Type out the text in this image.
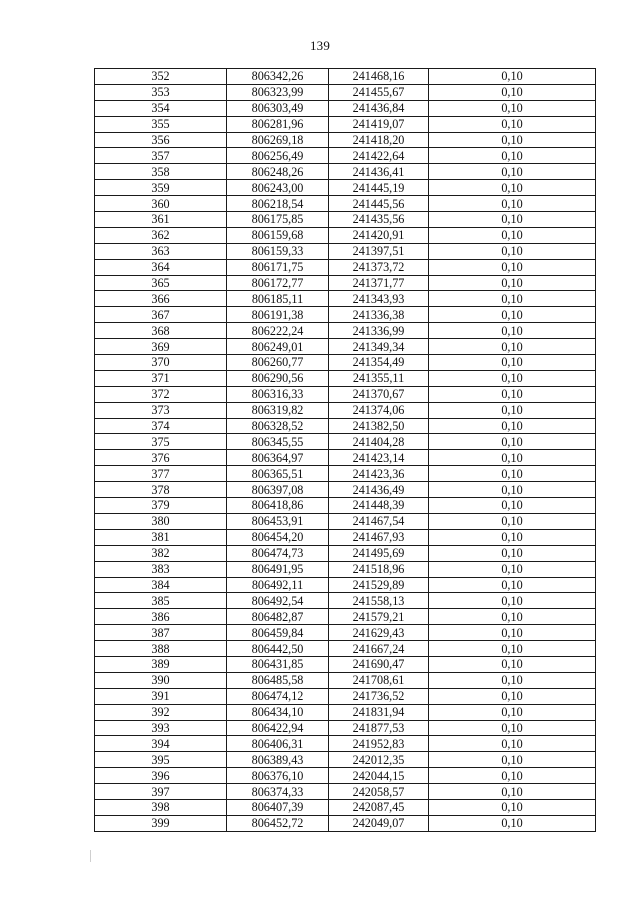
139
352	806342,26	241468,16	0,10
353	806323,99	241455,67	0,10
354	806303,49	241436,84	0,10
355	806281,96	241419,07	0,10
356	806269,18	241418,20	0,10
357	806256,49	241422,64	0,10
358	806248,26	241436,41	0,10
359	806243,00	241445,19	0,10
360	806218,54	241445,56	0,10
361	806175,85	241435,56	0,10
362	806159,68	241420,91	0,10
363	806159,33	241397,51	0,10
364	806171,75	241373,72	0,10
365	806172,77	241371,77	0,10
366	806185,11	241343,93	0,10
367	806191,38	241336,38	0,10
368	806222,24	241336,99	0,10
369	806249,01	241349,34	0,10
370	806260,77	241354,49	0,10
371	806290,56	241355,11	0,10
372	806316,33	241370,67	0,10
373	806319,82	241374,06	0,10
374	806328,52	241382,50	0,10
375	806345,55	241404,28	0,10
376	806364,97	241423,14	0,10
377	806365,51	241423,36	0,10
378	806397,08	241436,49	0,10
379	806418,86	241448,39	0,10
380	806453,91	241467,54	0,10
381	806454,20	241467,93	0,10
382	806474,73	241495,69	0,10
383	806491,95	241518,96	0,10
384	806492,11	241529,89	0,10
385	806492,54	241558,13	0,10
386	806482,87	241579,21	0,10
387	806459,84	241629,43	0,10
388	806442,50	241667,24	0,10
389	806431,85	241690,47	0,10
390	806485,58	241708,61	0,10
391	806474,12	241736,52	0,10
392	806434,10	241831,94	0,10
393	806422,94	241877,53	0,10
394	806406,31	241952,83	0,10
395	806389,43	242012,35	0,10
396	806376,10	242044,15	0,10
397	806374,33	242058,57	0,10
398	806407,39	242087,45	0,10
399	806452,72	242049,07	0,10
